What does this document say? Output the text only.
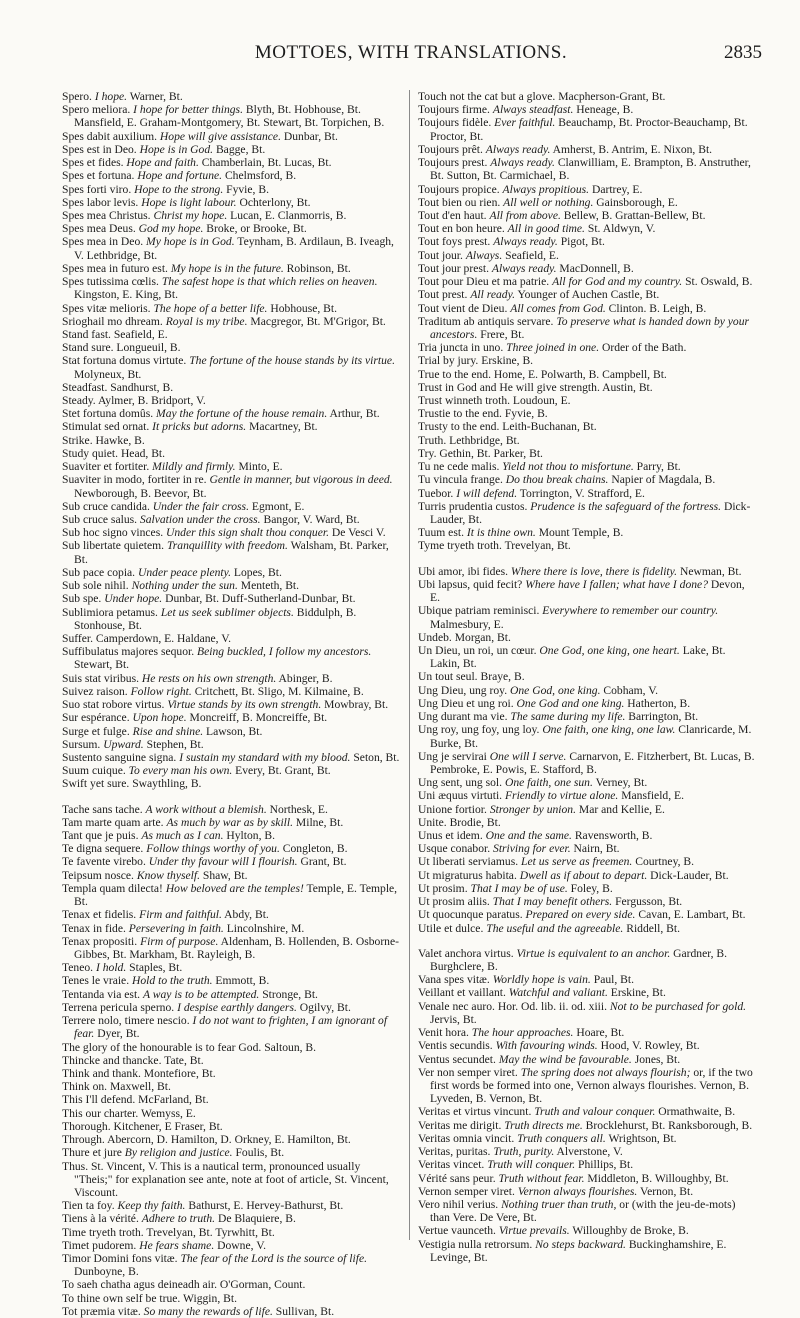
MOTTOES, WITH TRANSLATIONS.	2835

Spero. I hope. Warner, Bt.

Spero meliora. I hope for better things. Blyth, Bt. Hobhouse, Bt. Mansfield, E. Graham-Montgomery, Bt. Stewart, Bt. Torpichen, B.

Spes dabit auxilium. Hope will give assistance. Dunbar, Bt.

Spes est in Deo. Hope is in God. Bagge, Bt.

Spes et fides. Hope and faith. Chamberlain, Bt. Lucas, Bt.

Spes et fortuna. Hope and fortune. Chelmsford, B.

Spes forti viro. Hope to the strong. Fyvie, B.

Spes labor levis. Hope is light labour. Ochterlony, Bt.

Spes mea Christus. Christ my hope. Lucan, E. Clanmorris, B.

Spes mea Deus. God my hope. Broke, or Brooke, Bt.

Spes mea in Deo. My hope is in God. Teynham, B. Ardilaun, B. Iveagh, V. Lethbridge, Bt.

Spes mea in futuro est. My hope is in the future. Robinson, Bt.

Spes tutissima cœlis. The safest hope is that which relies on heaven. Kingston, E. King, Bt.

Spes vitæ melioris. The hope of a better life. Hobhouse, Bt.

Srioghail mo dhream. Royal is my tribe. Macgregor, Bt. M'Grigor, Bt.

Stand fast. Seafield, E.

Stand sure. Longueuil, B.

Stat fortuna domus virtute. The fortune of the house stands by its virtue. Molyneux, Bt.

Steadfast. Sandhurst, B.

Steady. Aylmer, B. Bridport, V.

Stet fortuna domûs. May the fortune of the house remain. Arthur, Bt.

Stimulat sed ornat. It pricks but adorns. Macartney, Bt.

Strike. Hawke, B.

Study quiet. Head, Bt.

Suaviter et fortiter. Mildly and firmly. Minto, E.

Suaviter in modo, fortiter in re. Gentle in manner, but vigorous in deed. Newborough, B. Beevor, Bt.

Sub cruce candida. Under the fair cross. Egmont, E.

Sub cruce salus. Salvation under the cross. Bangor, V. Ward, Bt.

Sub hoc signo vinces. Under this sign shalt thou conquer. De Vesci V.

Sub libertate quietem. Tranquillity with freedom. Walsham, Bt. Parker, Bt.

Sub pace copia. Under peace plenty. Lopes, Bt.

Sub sole nihil. Nothing under the sun. Menteth, Bt.

Sub spe. Under hope. Dunbar, Bt. Duff-Sutherland-Dunbar, Bt.

Sublimiora petamus. Let us seek sublimer objects. Biddulph, B. Stonhouse, Bt.

Suffer. Camperdown, E. Haldane, V.

Suffibulatus majores sequor. Being buckled, I follow my ancestors. Stewart, Bt.

Suis stat viribus. He rests on his own strength. Abinger, B.

Suivez raison. Follow right. Critchett, Bt. Sligo, M. Kilmaine, B.

Suo stat robore virtus. Virtue stands by its own strength. Mowbray, Bt.

Sur espérance. Upon hope. Moncreiff, B. Moncreiffe, Bt.

Surge et fulge. Rise and shine. Lawson, Bt.

Sursum. Upward. Stephen, Bt.

Sustento sanguine signa. I sustain my standard with my blood. Seton, Bt.

Suum cuique. To every man his own. Every, Bt. Grant, Bt.

Swift yet sure. Swaythling, B.

Tache sans tache. A work without a blemish. Northesk, E.

Tam marte quam arte. As much by war as by skill. Milne, Bt.

Tant que je puis. As much as I can. Hylton, B.

Te digna sequere. Follow things worthy of you. Congleton, B.

Te favente virebo. Under thy favour will I flourish. Grant, Bt.

Teipsum nosce. Know thyself. Shaw, Bt.

Templa quam dilecta! How beloved are the temples! Temple, E. Temple, Bt.

Tenax et fidelis. Firm and faithful. Abdy, Bt.

Tenax in fide. Persevering in faith. Lincolnshire, M.

Tenax propositi. Firm of purpose. Aldenham, B. Hollenden, B. Osborne-Gibbes, Bt. Markham, Bt. Rayleigh, B.

Teneo. I hold. Staples, Bt.

Tenes le vraie. Hold to the truth. Emmott, B.

Tentanda via est. A way is to be attempted. Stronge, Bt.

Terrena pericula sperno. I despise earthly dangers. Ogilvy, Bt.

Terrere nolo, timere nescio. I do not want to frighten, I am ignorant of fear. Dyer, Bt.

The glory of the honourable is to fear God. Saltoun, B.

Thincke and thancke. Tate, Bt.

Think and thank. Montefiore, Bt.

Think on. Maxwell, Bt.

This I'll defend. McFarland, Bt.

This our charter. Wemyss, E.

Thorough. Kitchener, E Fraser, Bt.

Through. Abercorn, D. Hamilton, D. Orkney, E. Hamilton, Bt.

Thure et jure By religion and justice. Foulis, Bt.

Thus. St. Vincent, V. This is a nautical term, pronounced usually "Theis;" for explanation see ante, note at foot of article, St. Vincent, Viscount.

Tien ta foy. Keep thy faith. Bathurst, E. Hervey-Bathurst, Bt.

Tiens à la vérité. Adhere to truth. De Blaquiere, B.

Time tryeth troth. Trevelyan, Bt. Tyrwhitt, Bt.

Timet pudorem. He fears shame. Downe, V.

Timor Domini fons vitæ. The fear of the Lord is the source of life. Dunboyne, B.

To saeh chatha agus deineadh air. O'Gorman, Count.

To thine own self be true. Wiggin, Bt.

Tot præmia vitæ. So many the rewards of life. Sullivan, Bt.

Touch not the cat but a glove. Macpherson-Grant, Bt.

Toujours firme. Always steadfast. Heneage, B.

Toujours fidèle. Ever faithful. Beauchamp, Bt. Proctor-Beauchamp, Bt. Proctor, Bt.

Toujours prêt. Always ready. Amherst, B. Antrim, E. Nixon, Bt.

Toujours prest. Always ready. Clanwilliam, E. Brampton, B. Anstruther, Bt. Sutton, Bt. Carmichael, B.

Toujours propice. Always propitious. Dartrey, E.

Tout bien ou rien. All well or nothing. Gainsborough, E.

Tout d'en haut. All from above. Bellew, B. Grattan-Bellew, Bt.

Tout en bon heure. All in good time. St. Aldwyn, V.

Tout foys prest. Always ready. Pigot, Bt.

Tout jour. Always. Seafield, E.

Tout jour prest. Always ready. MacDonnell, B.

Tout pour Dieu et ma patrie. All for God and my country. St. Oswald, B.

Tout prest. All ready. Younger of Auchen Castle, Bt.

Tout vient de Dieu. All comes from God. Clinton. B. Leigh, B.

Traditum ab antiquis servare. To preserve what is handed down by your ancestors. Frere, Bt.

Tria juncta in uno. Three joined in one. Order of the Bath.

Trial by jury. Erskine, B.

True to the end. Home, E. Polwarth, B. Campbell, Bt.

Trust in God and He will give strength. Austin, Bt.

Trust winneth troth. Loudoun, E.

Trustie to the end. Fyvie, B.

Trusty to the end. Leith-Buchanan, Bt.

Truth. Lethbridge, Bt.

Try. Gethin, Bt. Parker, Bt.

Tu ne cede malis. Yield not thou to misfortune. Parry, Bt.

Tu vincula frange. Do thou break chains. Napier of Magdala, B.

Tuebor. I will defend. Torrington, V. Strafford, E.

Turris prudentia custos. Prudence is the safeguard of the fortress. Dick-Lauder, Bt.

Tuum est. It is thine own. Mount Temple, B.

Tyme tryeth troth. Trevelyan, Bt.

Ubi amor, ibi fides. Where there is love, there is fidelity. Newman, Bt.

Ubi lapsus, quid fecit? Where have I fallen; what have I done? Devon, E.

Ubique patriam reminisci. Everywhere to remember our country. Malmesbury, E.

Undeb. Morgan, Bt.

Un Dieu, un roi, un cœur. One God, one king, one heart. Lake, Bt. Lakin, Bt.

Un tout seul. Braye, B.

Ung Dieu, ung roy. One God, one king. Cobham, V.

Ung Dieu et ung roi. One God and one king. Hatherton, B.

Ung durant ma vie. The same during my life. Barrington, Bt.

Ung roy, ung foy, ung loy. One faith, one king, one law. Clanricarde, M. Burke, Bt.

Ung je servirai One will I serve. Carnarvon, E. Fitzherbert, Bt. Lucas, B. Pembroke, E. Powis, E. Stafford, B.

Ung sent, ung sol. One faith, one sun. Verney, Bt.

Uni æquus virtuti. Friendly to virtue alone. Mansfield, E.

Unione fortior. Stronger by union. Mar and Kellie, E.

Unite. Brodie, Bt.

Unus et idem. One and the same. Ravensworth, B.

Usque conabor. Striving for ever. Nairn, Bt.

Ut liberati serviamus. Let us serve as freemen. Courtney, B.

Ut migraturus habita. Dwell as if about to depart. Dick-Lauder, Bt.

Ut prosim. That I may be of use. Foley, B.

Ut prosim aliis. That I may benefit others. Fergusson, Bt.

Ut quocunque paratus. Prepared on every side. Cavan, E. Lambart, Bt.

Utile et dulce. The useful and the agreeable. Riddell, Bt.

Valet anchora virtus. Virtue is equivalent to an anchor. Gardner, B. Burghclere, B.

Vana spes vitæ. Worldly hope is vain. Paul, Bt.

Veillant et vaillant. Watchful and valiant. Erskine, Bt.

Venale nec auro. Hor. Od. lib. ii. od. xiii. Not to be purchased for gold. Jervis, Bt.

Venit hora. The hour approaches. Hoare, Bt.

Ventis secundis. With favouring winds. Hood, V. Rowley, Bt.

Ventus secundet. May the wind be favourable. Jones, Bt.

Ver non semper viret. The spring does not always flourish; or, if the two first words be formed into one, Vernon always flourishes. Vernon, B. Lyveden, B. Vernon, Bt.

Veritas et virtus vincunt. Truth and valour conquer. Ormathwaite, B.

Veritas me dirigit. Truth directs me. Brocklehurst, Bt. Ranksborough, B.

Veritas omnia vincit. Truth conquers all. Wrightson, Bt.

Veritas, puritas. Truth, purity. Alverstone, V.

Veritas vincet. Truth will conquer. Phillips, Bt.

Vérité sans peur. Truth without fear. Middleton, B. Willoughby, Bt.

Vernon semper viret. Vernon always flourishes. Vernon, Bt.

Vero nihil verius. Nothing truer than truth, or (with the jeu-de-mots) than Vere. De Vere, Bt.

Vertue vaunceth. Virtue prevails. Willoughby de Broke, B.

Vestigia nulla retrorsum. No steps backward. Buckinghamshire, E. Levinge, Bt.
